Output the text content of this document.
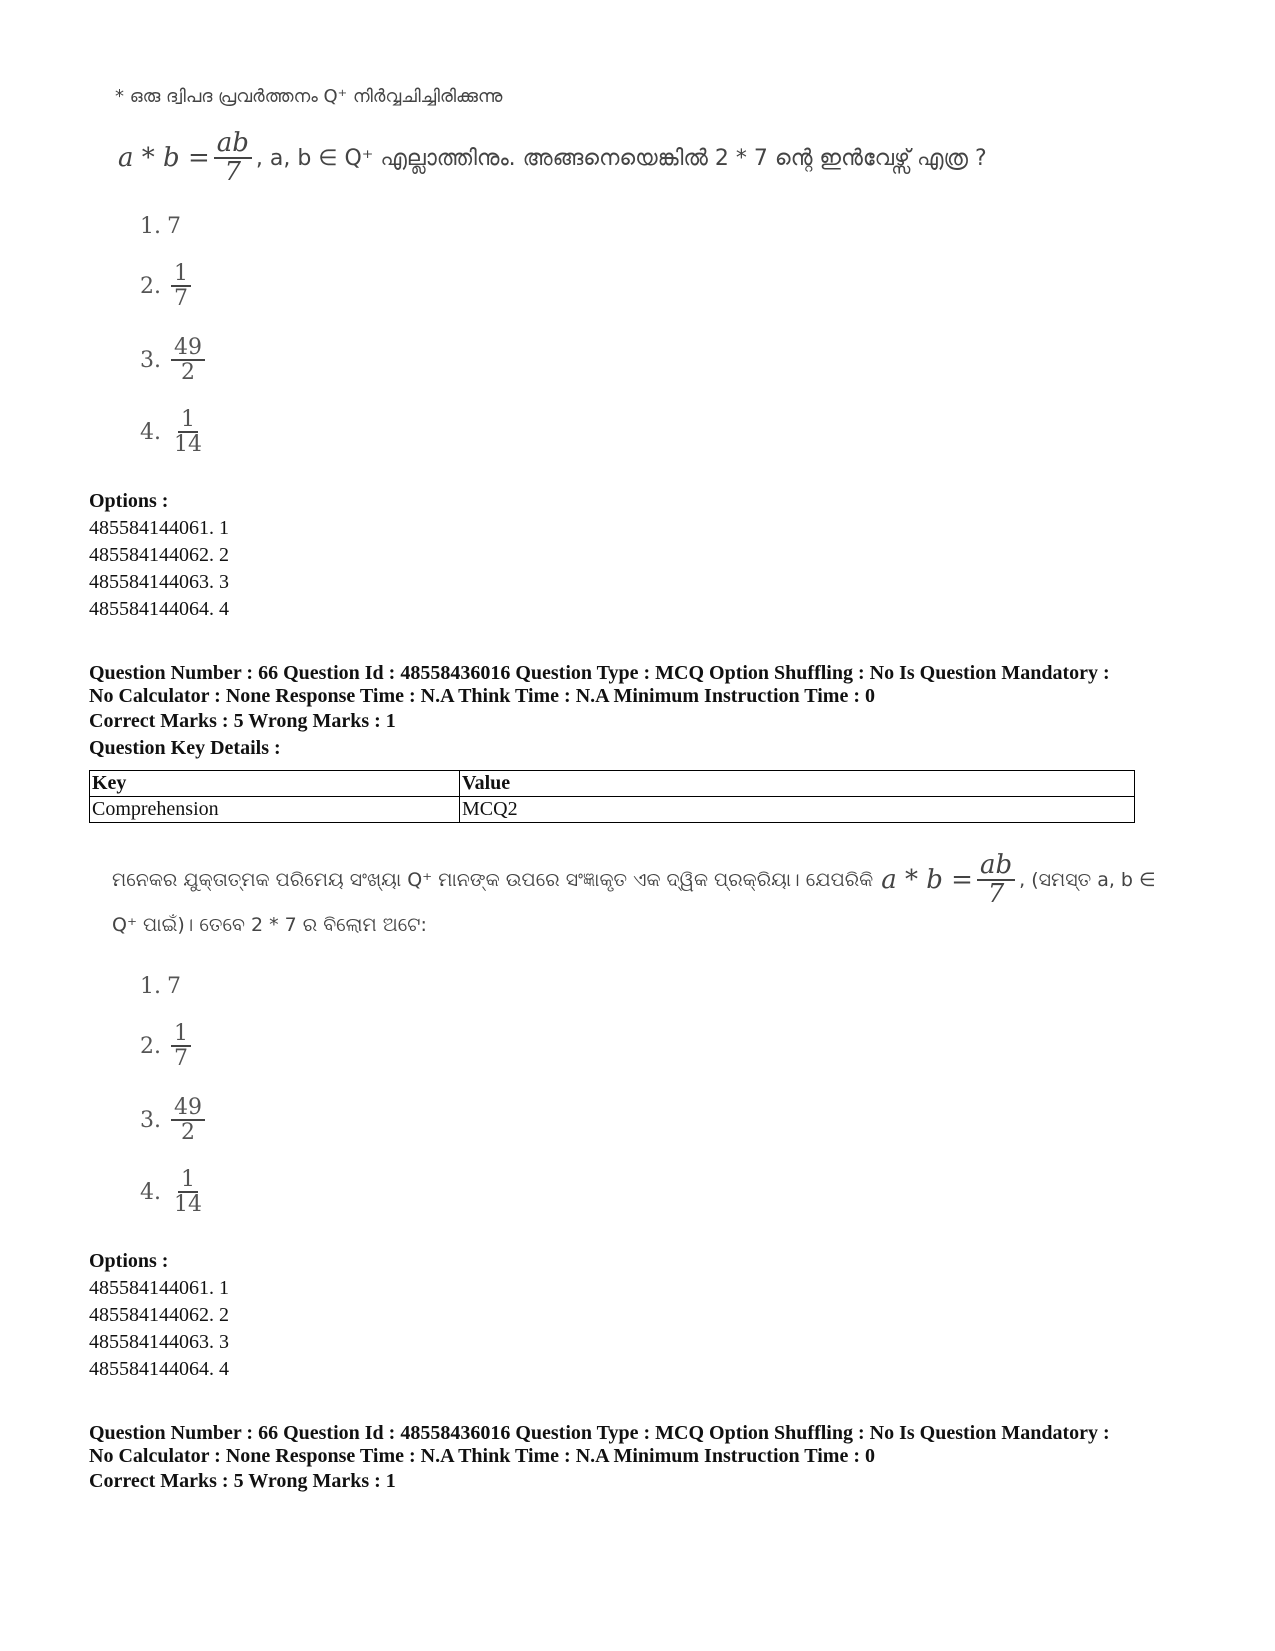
* ഒരു ദ്വിപദ പ്രവർത്തനം Q⁺ നിർവ്വചിച്ചിരിക്കുന്നു
$a * b = \frac{ab}{7}$ , a, b ∈ Q⁺ എല്ലാത്തിനും. അങ്ങനെയെങ്കിൽ 2 * 7 ന്റെ ഇൻവേഴ്സ് എത്ര ?
1. 7
2. $\frac{1}{7}$
3. $\frac{49}{2}$
4. $\frac{1}{14}$
Options :
485584144061. 1
485584144062. 2
485584144063. 3
485584144064. 4
Question Number : 66 Question Id : 48558436016 Question Type : MCQ Option Shuffling : No Is Question Mandatory :
No Calculator : None Response Time : N.A Think Time : N.A Minimum Instruction Time : 0
Correct Marks : 5 Wrong Marks : 1
Question Key Details :
Key	Value
Comprehension	MCQ2
ମନେକର ଯୁକ୍ତାତ୍ମକ ପରିମେୟ ସଂଖ୍ୟା Q⁺ ମାନଙ୍କ ଉପରେ ସଂଜ୍ଞାକୃତ ଏକ ଦ୍ୱିକ ପ୍ରକ୍ରିୟା। ଯେପରିକି $a * b = \frac{ab}{7}$ , (ସମସ୍ତ a, b ∈
Q⁺ ପାଇଁ)। ତେବେ 2 * 7 ର ବିଲୋମ ଅଟେ:
1. 7
2. $\frac{1}{7}$
3. $\frac{49}{2}$
4. $\frac{1}{14}$
Options :
485584144061. 1
485584144062. 2
485584144063. 3
485584144064. 4
Question Number : 66 Question Id : 48558436016 Question Type : MCQ Option Shuffling : No Is Question Mandatory :
No Calculator : None Response Time : N.A Think Time : N.A Minimum Instruction Time : 0
Correct Marks : 5 Wrong Marks : 1
